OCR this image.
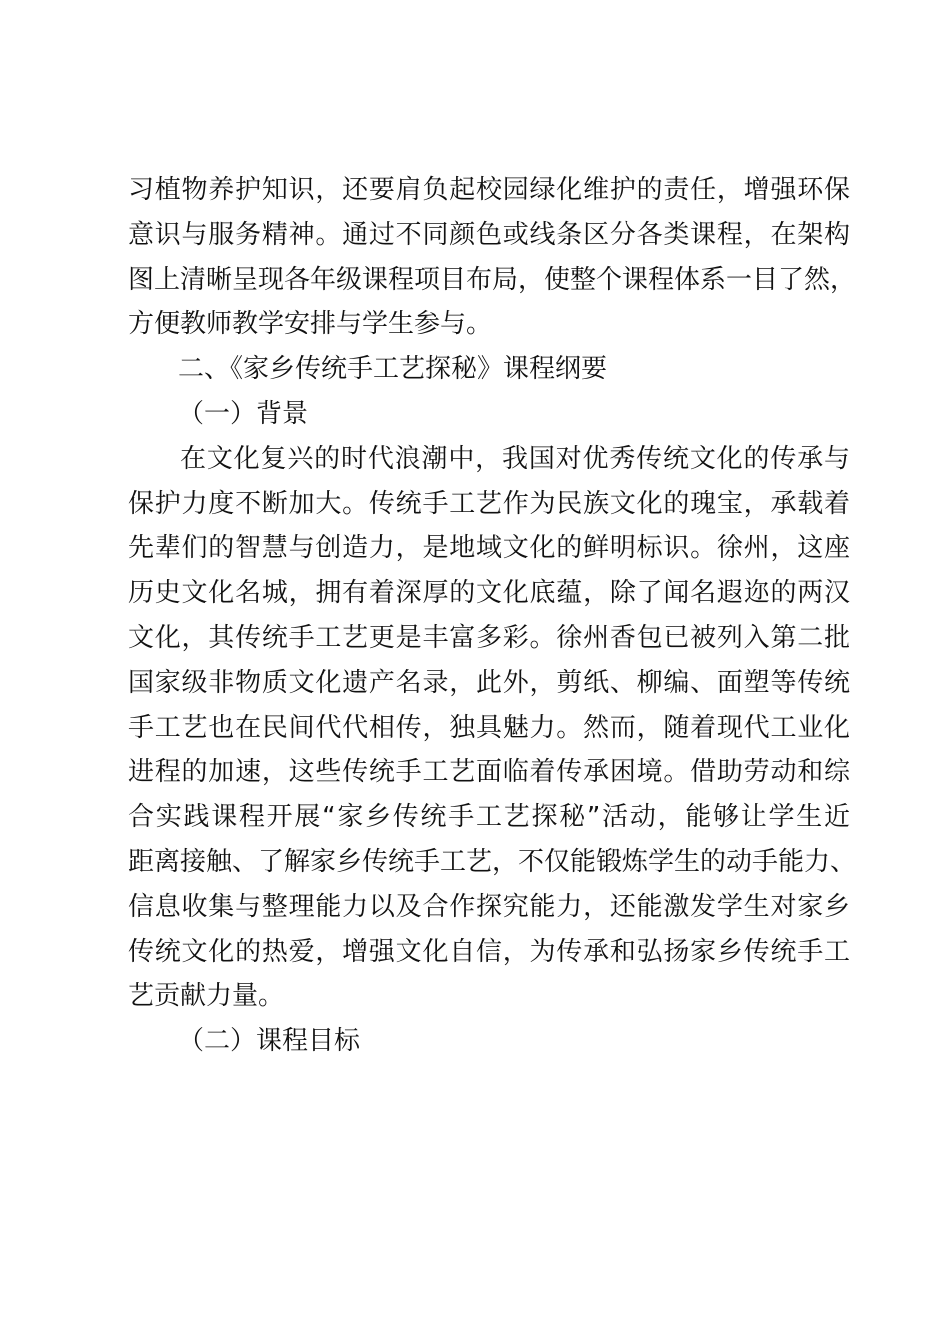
习植物养护知识，还要肩负起校园绿化维护的责任，增强环保
意识与服务精神。通过不同颜色或线条区分各类课程，在架构
图上清晰呈现各年级课程项目布局，使整个课程体系一目了然，
方便教师教学安排与学生参与。
二、《家乡传统手工艺探秘》课程纲要
（一）背景
在文化复兴的时代浪潮中，我国对优秀传统文化的传承与
保护力度不断加大。传统手工艺作为民族文化的瑰宝，承载着
先辈们的智慧与创造力，是地域文化的鲜明标识。徐州，这座
历史文化名城，拥有着深厚的文化底蕴，除了闻名遐迩的两汉
文化，其传统手工艺更是丰富多彩。徐州香包已被列入第二批
国家级非物质文化遗产名录，此外，剪纸、柳编、面塑等传统
手工艺也在民间代代相传，独具魅力。然而，随着现代工业化
进程的加速，这些传统手工艺面临着传承困境。借助劳动和综
合实践课程开展“家乡传统手工艺探秘”活动，能够让学生近
距离接触、了解家乡传统手工艺，不仅能锻炼学生的动手能力、
信息收集与整理能力以及合作探究能力，还能激发学生对家乡
传统文化的热爱，增强文化自信，为传承和弘扬家乡传统手工
艺贡献力量。
（二）课程目标
